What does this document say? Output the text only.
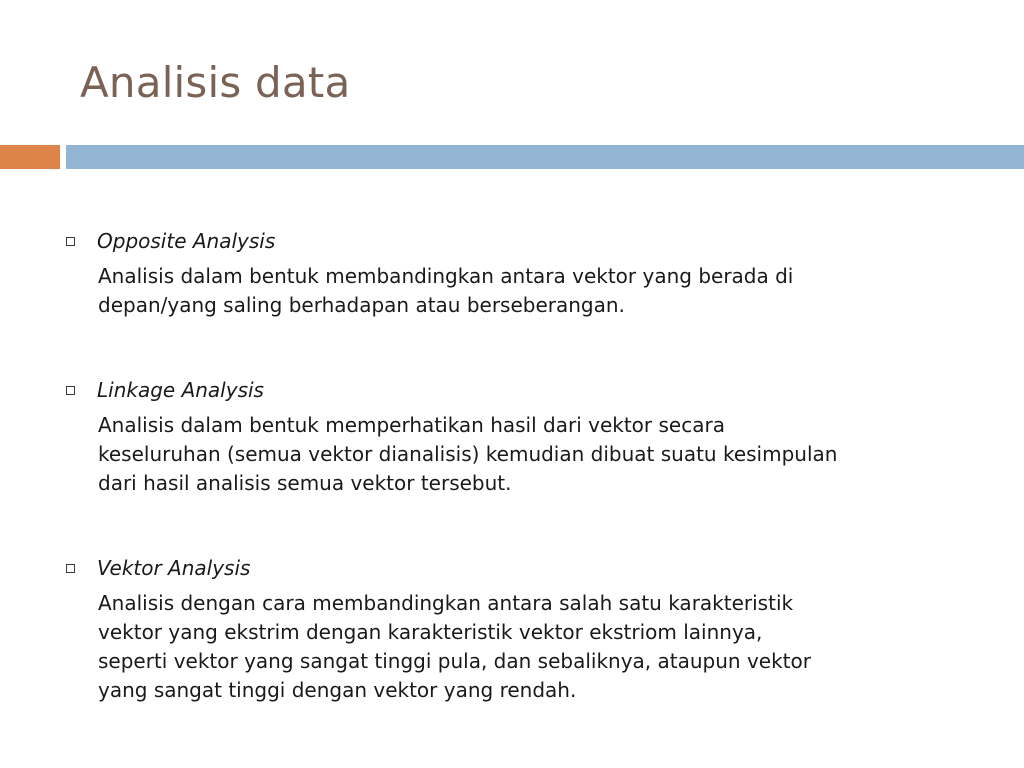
Analisis data
Opposite Analysis
Analisis dalam bentuk membandingkan antara vektor yang berada di
depan/yang saling berhadapan atau berseberangan.
Linkage Analysis
Analisis dalam bentuk memperhatikan hasil dari vektor secara
keseluruhan (semua vektor dianalisis) kemudian dibuat suatu kesimpulan
dari hasil analisis semua vektor tersebut.
Vektor Analysis
Analisis dengan cara membandingkan antara salah satu karakteristik
vektor yang ekstrim dengan karakteristik vektor ekstriom lainnya,
seperti vektor yang sangat tinggi pula, dan sebaliknya, ataupun vektor
yang sangat tinggi dengan vektor yang rendah.
